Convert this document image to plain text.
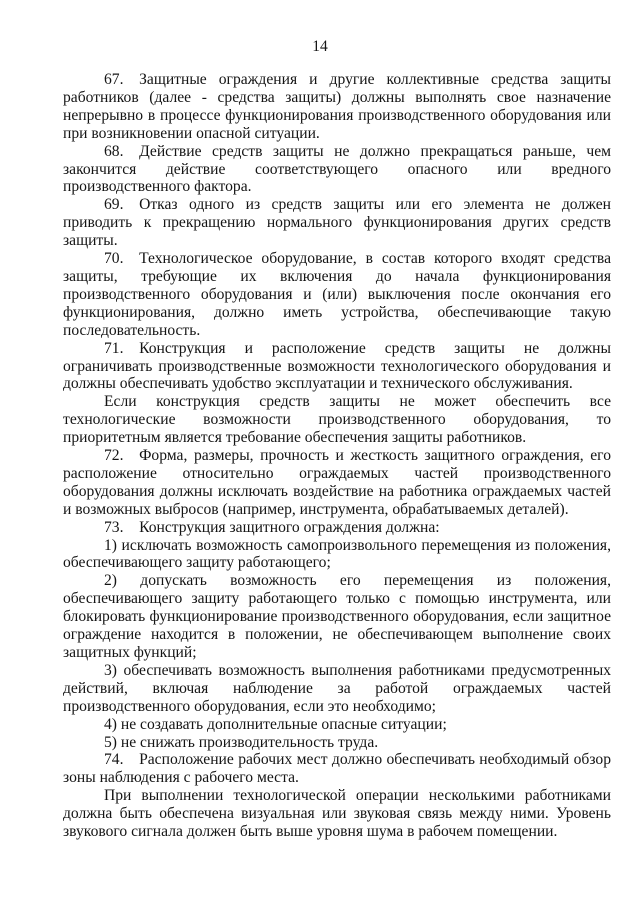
14

67. Защитные ограждения и другие коллективные средства защиты работников (далее - средства защиты) должны выполнять свое назначение непрерывно в процессе функционирования производственного оборудования или при возникновении опасной ситуации.

68. Действие средств защиты не должно прекращаться раньше, чем закончится действие соответствующего опасного или вредного производственного фактора.

69. Отказ одного из средств защиты или его элемента не должен приводить к прекращению нормального функционирования других средств защиты.

70. Технологическое оборудование, в состав которого входят средства защиты, требующие их включения до начала функционирования производственного оборудования и (или) выключения после окончания его функционирования, должно иметь устройства, обеспечивающие такую последовательность.

71. Конструкция и расположение средств защиты не должны ограничивать производственные возможности технологического оборудования и должны обеспечивать удобство эксплуатации и технического обслуживания.

Если конструкция средств защиты не может обеспечить все технологические возможности производственного оборудования, то приоритетным является требование обеспечения защиты работников.

72. Форма, размеры, прочность и жесткость защитного ограждения, его расположение относительно ограждаемых частей производственного оборудования должны исключать воздействие на работника ограждаемых частей и возможных выбросов (например, инструмента, обрабатываемых деталей).

73. Конструкция защитного ограждения должна:

1) исключать возможность самопроизвольного перемещения из положения, обеспечивающего защиту работающего;

2) допускать возможность его перемещения из положения, обеспечивающего защиту работающего только с помощью инструмента, или блокировать функционирование производственного оборудования, если защитное ограждение находится в положении, не обеспечивающем выполнение своих защитных функций;

3) обеспечивать возможность выполнения работниками предусмотренных действий, включая наблюдение за работой ограждаемых частей производственного оборудования, если это необходимо;

4) не создавать дополнительные опасные ситуации;

5) не снижать производительность труда.

74. Расположение рабочих мест должно обеспечивать необходимый обзор зоны наблюдения с рабочего места.

При выполнении технологической операции несколькими работниками должна быть обеспечена визуальная или звуковая связь между ними. Уровень звукового сигнала должен быть выше уровня шума в рабочем помещении.
